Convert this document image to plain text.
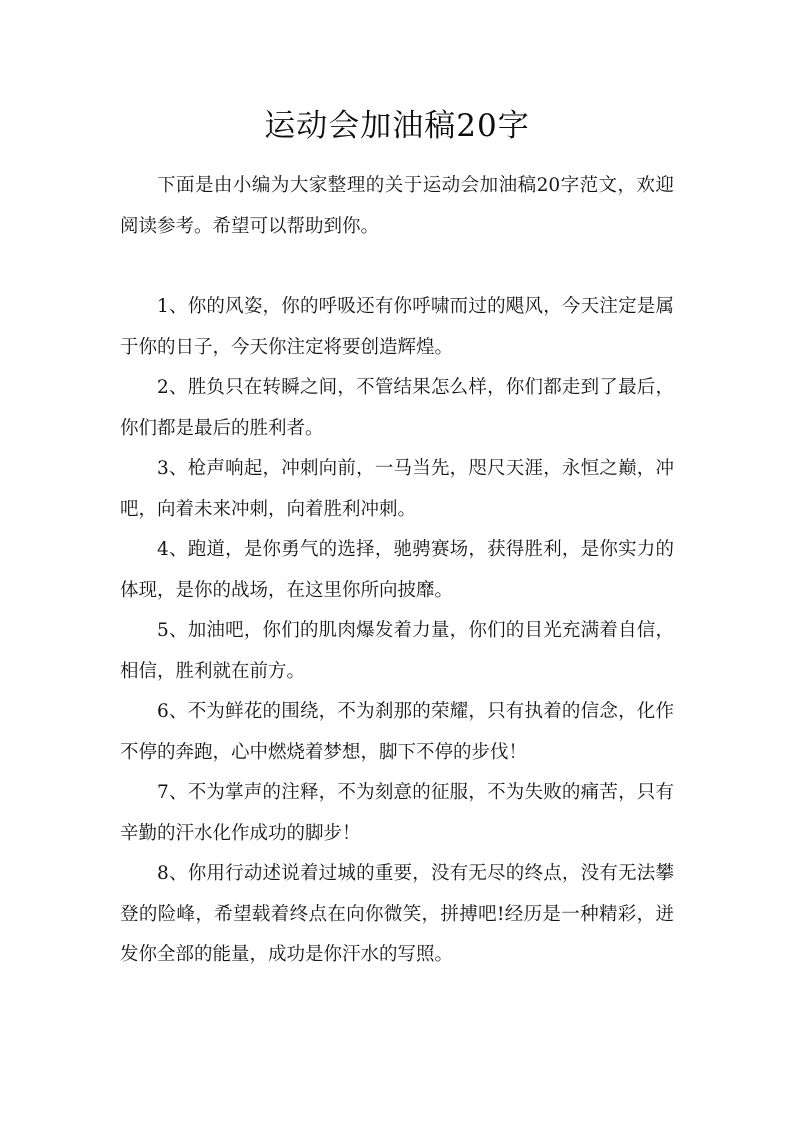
运动会加油稿20字

下面是由小编为大家整理的关于运动会加油稿20字范文，欢迎阅读参考。希望可以帮助到你。

1、你的风姿，你的呼吸还有你呼啸而过的飓风，今天注定是属于你的日子，今天你注定将要创造辉煌。

2、胜负只在转瞬之间，不管结果怎么样，你们都走到了最后，你们都是最后的胜利者。

3、枪声响起，冲刺向前，一马当先，咫尺天涯，永恒之巅，冲吧，向着未来冲刺，向着胜利冲刺。

4、跑道，是你勇气的选择，驰骋赛场，获得胜利，是你实力的体现，是你的战场，在这里你所向披靡。

5、加油吧，你们的肌肉爆发着力量，你们的目光充满着自信，相信，胜利就在前方。

6、不为鲜花的围绕，不为刹那的荣耀，只有执着的信念，化作不停的奔跑，心中燃烧着梦想，脚下不停的步伐！

7、不为掌声的注释，不为刻意的征服，不为失败的痛苦，只有辛勤的汗水化作成功的脚步！

8、你用行动述说着过城的重要，没有无尽的终点，没有无法攀登的险峰，希望载着终点在向你微笑，拼搏吧!经历是一种精彩，迸发你全部的能量，成功是你汗水的写照。
